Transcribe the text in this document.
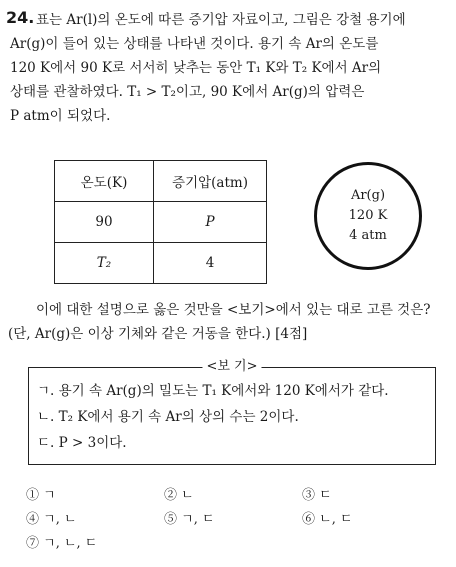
24. 표는 Ar(l)의 온도에 따른 증기압 자료이고, 그림은 강철 용기에
Ar(g)이 들어 있는 상태를 나타낸 것이다. 용기 속 Ar의 온도를
120 K에서 90 K로 서서히 낮추는 동안 T₁ K와 T₂ K에서 Ar의
상태를 관찰하였다. T₁ > T₂이고, 90 K에서 Ar(g)의 압력은
P atm이 되었다.
온도(K)	증기압(atm)
90	P
T₂	4
Ar(g)
120 K
4 atm
이에 대한 설명으로 옳은 것만을 <보기>에서 있는 대로 고른 것은?
(단, Ar(g)은 이상 기체와 같은 거동을 한다.) [4점]
<보 기>
ㄱ. 용기 속 Ar(g)의 밀도는 T₁ K에서와 120 K에서가 같다.
ㄴ. T₂ K에서 용기 속 Ar의 상의 수는 2이다.
ㄷ. P > 3이다.
① ㄱ	② ㄴ	③ ㄷ
④ ㄱ, ㄴ	⑤ ㄱ, ㄷ	⑥ ㄴ, ㄷ
⑦ ㄱ, ㄴ, ㄷ
